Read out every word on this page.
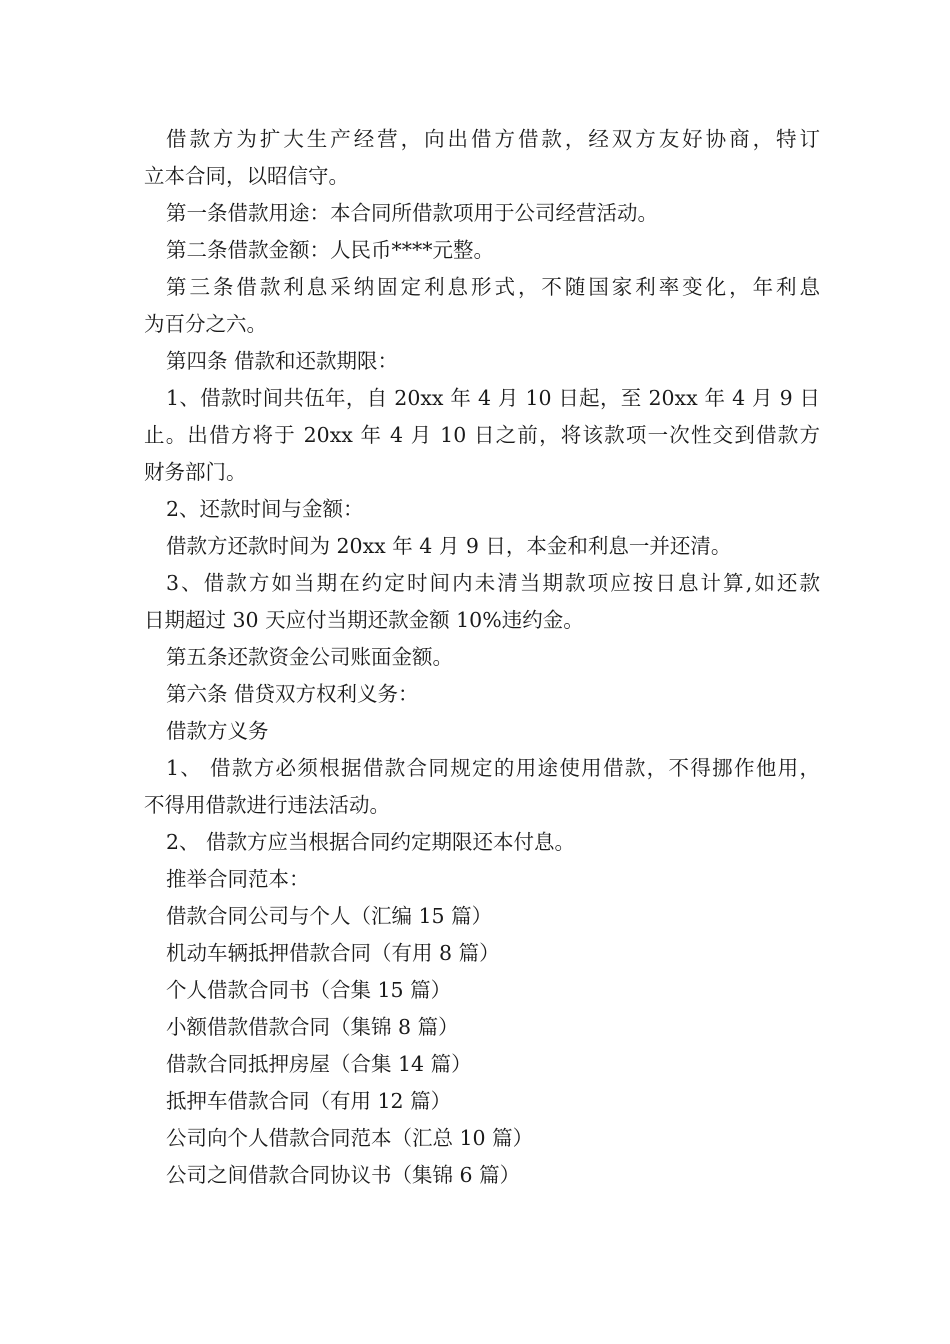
借款方为扩大生产经营，向出借方借款，经双方友好协商，特订
立本合同，以昭信守。
第一条借款用途：本合同所借款项用于公司经营活动。
第二条借款金额：人民币****元整。
第三条借款利息采纳固定利息形式，不随国家利率变化，年利息
为百分之六。
第四条 借款和还款期限：
1、借款时间共伍年，自 20xx 年 4 月 10 日起，至 20xx 年 4 月 9 日
止。出借方将于 20xx 年 4 月 10 日之前，将该款项一次性交到借款方
财务部门。
2、还款时间与金额：
借款方还款时间为 20xx 年 4 月 9 日，本金和利息一并还清。
3、借款方如当期在约定时间内未清当期款项应按日息计算,如还款
日期超过 30 天应付当期还款金额 10%违约金。
第五条还款资金公司账面金额。
第六条 借贷双方权利义务：
借款方义务
1、 借款方必须根据借款合同规定的用途使用借款，不得挪作他用，
不得用借款进行违法活动。
2、 借款方应当根据合同约定期限还本付息。
推举合同范本：
借款合同公司与个人（汇编 15 篇）
机动车辆抵押借款合同（有用 8 篇）
个人借款合同书（合集 15 篇）
小额借款借款合同（集锦 8 篇）
借款合同抵押房屋（合集 14 篇）
抵押车借款合同（有用 12 篇）
公司向个人借款合同范本（汇总 10 篇）
公司之间借款合同协议书（集锦 6 篇）
